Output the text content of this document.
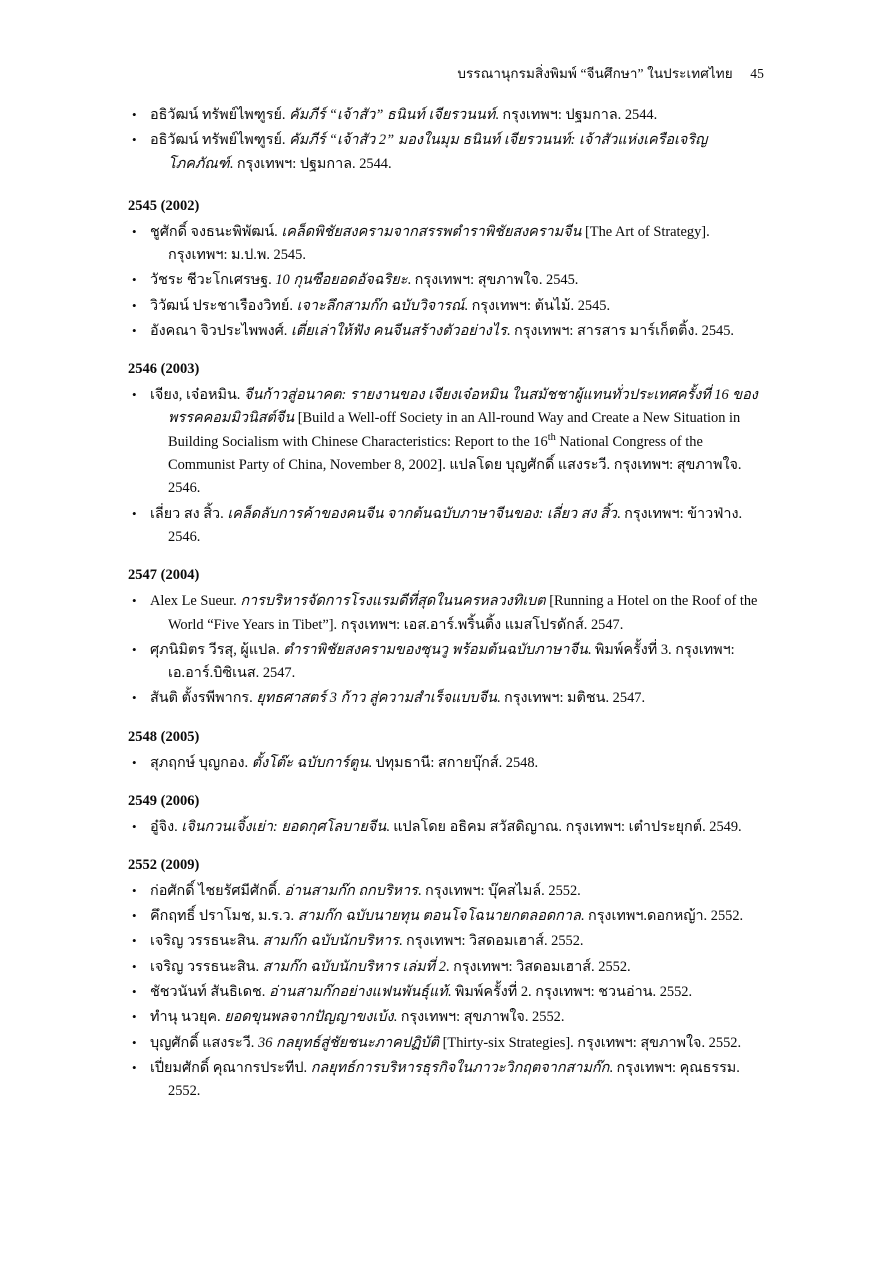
บรรณานุกรมสิ่งพิมพ์ “จีนศึกษา” ในประเทศไทย 45
• อธิวัฒน์ ทรัพย์ไพฑูรย์. คัมภีร์ “เจ้าสัว” ธนินท์ เจียรวนนท์. กรุงเทพฯ: ปฐมกาล. 2544.
• อธิวัฒน์ ทรัพย์ไพฑูรย์. คัมภีร์ “เจ้าสัว 2” มองในมุม ธนินท์ เจียรวนนท์: เจ้าสัวแห่งเครือเจริญโภคภัณฑ์. กรุงเทพฯ: ปฐมกาล. 2544.
2545 (2002)
• ชูศักดิ์ จงธนะพิพัฒน์. เคล็ดพิชัยสงครามจากสรรพตำราพิชัยสงครามจีน [The Art of Strategy]. กรุงเทพฯ: ม.ป.พ. 2545.
• วัชระ ชีวะโกเศรษฐ. 10 กุนซือยอดอัจฉริยะ. กรุงเทพฯ: สุขภาพใจ. 2545.
• วิวัฒน์ ประชาเรืองวิทย์. เจาะลึกสามก๊ก ฉบับวิจารณ์. กรุงเทพฯ: ต้นไม้. 2545.
• อังคณา จิวประไพพงศ์. เตี่ยเล่าให้ฟัง คนจีนสร้างตัวอย่างไร. กรุงเทพฯ: สารสาร มาร์เก็ตติ้ง. 2545.
2546 (2003)
• เจียง, เจ๋อหมิน. จีนก้าวสู่อนาคต: รายงานของ เจียงเจ๋อหมิน ในสมัชชาผู้แทนทั่วประเทศครั้งที่ 16 ของพรรคคอมมิวนิสต์จีน [Build a Well-off Society in an All-round Way and Create a New Situation in Building Socialism with Chinese Characteristics: Report to the 16th National Congress of the Communist Party of China, November 8, 2002]. แปลโดย บุญศักดิ์ แสงระวี. กรุงเทพฯ: สุขภาพใจ. 2546.
• เลี่ยว สง สิ้ว. เคล็ดลับการค้าของคนจีน จากต้นฉบับภาษาจีนของ: เลี่ยว สง สิ้ว. กรุงเทพฯ: ข้าวฟ่าง. 2546.
2547 (2004)
• Alex Le Sueur. การบริหารจัดการโรงแรมดีที่สุดในนครหลวงทิเบต [Running a Hotel on the Roof of the World “Five Years in Tibet”]. กรุงเทพฯ: เอส.อาร์.พริ้นติ้ง แมสโปรดักส์. 2547.
• ศุภนิมิตร วีรสุ, ผู้แปล. ตำราพิชัยสงครามของซุนวู พร้อมต้นฉบับภาษาจีน. พิมพ์ครั้งที่ 3. กรุงเทพฯ: เอ.อาร์.บิซิเนส. 2547.
• สันติ ตั้งรพีพากร. ยุทธศาสตร์ 3 ก้าว สู่ความสำเร็จแบบจีน. กรุงเทพฯ: มติชน. 2547.
2548 (2005)
• สุภฤกษ์ บุญกอง. ตั้งโต๊ะ ฉบับการ์ตูน. ปทุมธานี: สกายบุ๊กส์. 2548.
2549 (2006)
• อู๋จิง. เจินกวนเจิ้งเย่า: ยอดกุศโลบายจีน. แปลโดย อธิคม สวัสดิญาณ. กรุงเทพฯ: เต๋าประยุกต์. 2549.
2552 (2009)
• ก่อศักดิ์ ไชยรัศมีศักดิ์. อ่านสามก๊ก ถกบริหาร. กรุงเทพฯ: บุ๊คสไมล์. 2552.
• คึกฤทธิ์ ปราโมช, ม.ร.ว. สามก๊ก ฉบับนายทุน ตอนโจโฉนายกตลอดกาล. กรุงเทพฯ.ดอกหญ้า. 2552.
• เจริญ วรรธนะสิน. สามก๊ก ฉบับนักบริหาร. กรุงเทพฯ: วิสดอมเฮาส์. 2552.
• เจริญ วรรธนะสิน. สามก๊ก ฉบับนักบริหาร เล่มที่ 2. กรุงเทพฯ: วิสดอมเฮาส์. 2552.
• ชัชวนันท์ สันธิเดช. อ่านสามก๊กอย่างแฟนพันธุ์แท้. พิมพ์ครั้งที่ 2. กรุงเทพฯ: ชวนอ่าน. 2552.
• ทำนุ นวยุค. ยอดขุนพลจากปัญญาขงเบ้ง. กรุงเทพฯ: สุขภาพใจ. 2552.
• บุญศักดิ์ แสงระวี. 36 กลยุทธ์สู่ชัยชนะภาคปฏิบัติ [Thirty-six Strategies]. กรุงเทพฯ: สุขภาพใจ. 2552.
• เปี่ยมศักดิ์ คุณากรประทีป. กลยุทธ์การบริหารธุรกิจในภาวะวิกฤตจากสามก๊ก. กรุงเทพฯ: คุณธรรม. 2552.
